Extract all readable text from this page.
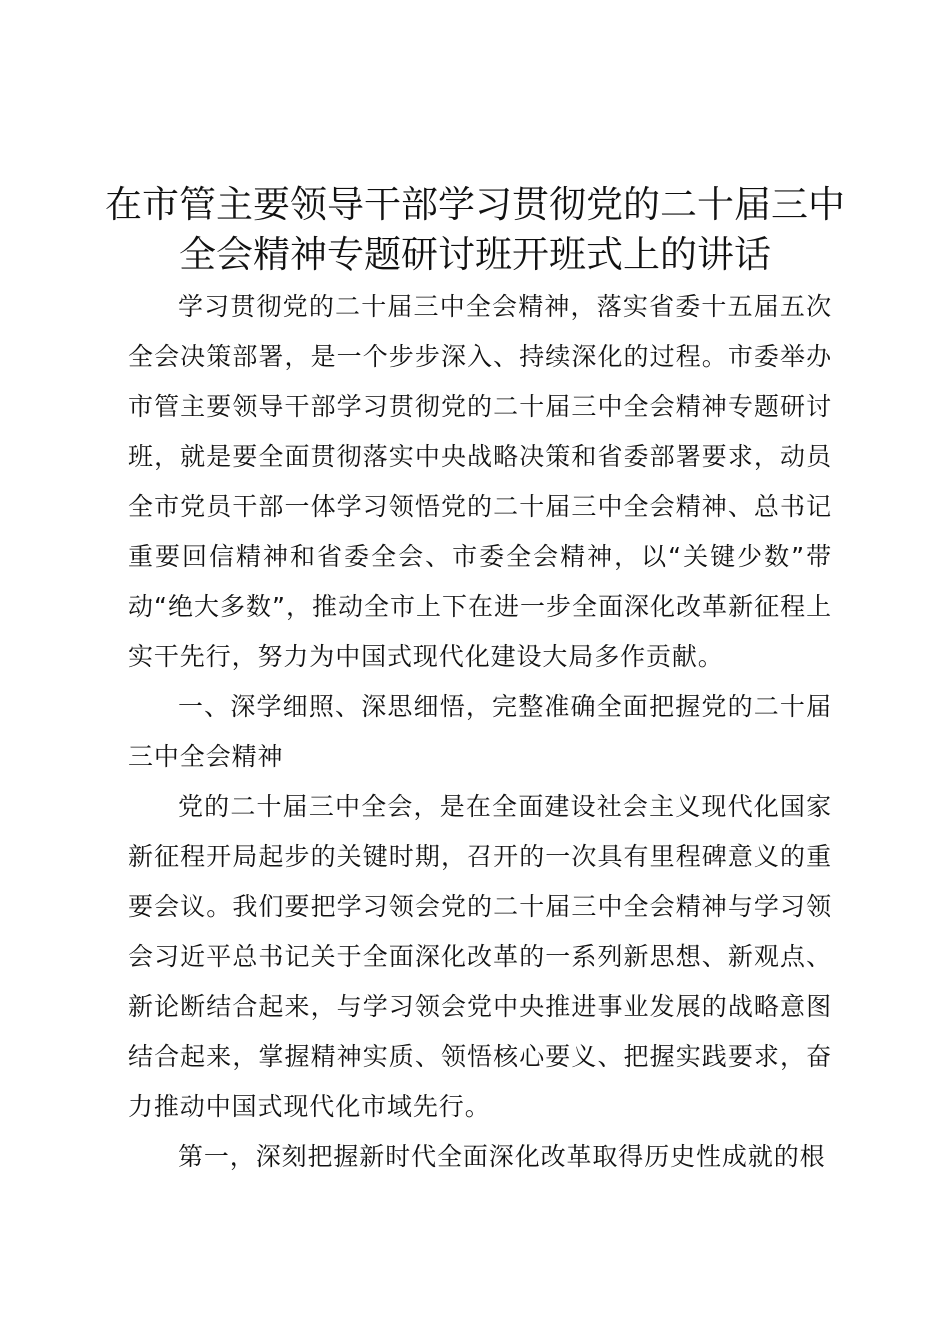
在市管主要领导干部学习贯彻党的二十届三中
全会精神专题研讨班开班式上的讲话

学习贯彻党的二十届三中全会精神，落实省委十五届五次全会决策部署，是一个步步深入、持续深化的过程。市委举办市管主要领导干部学习贯彻党的二十届三中全会精神专题研讨班，就是要全面贯彻落实中央战略决策和省委部署要求，动员全市党员干部一体学习领悟党的二十届三中全会精神、总书记重要回信精神和省委全会、市委全会精神，以“关键少数”带动“绝大多数”，推动全市上下在进一步全面深化改革新征程上实干先行，努力为中国式现代化建设大局多作贡献。

一、深学细照、深思细悟，完整准确全面把握党的二十届三中全会精神

党的二十届三中全会，是在全面建设社会主义现代化国家新征程开局起步的关键时期，召开的一次具有里程碑意义的重要会议。我们要把学习领会党的二十届三中全会精神与学习领会习近平总书记关于全面深化改革的一系列新思想、新观点、新论断结合起来，与学习领会党中央推进事业发展的战略意图结合起来，掌握精神实质、领悟核心要义、把握实践要求，奋力推动中国式现代化市域先行。

第一，深刻把握新时代全面深化改革取得历史性成就的根
